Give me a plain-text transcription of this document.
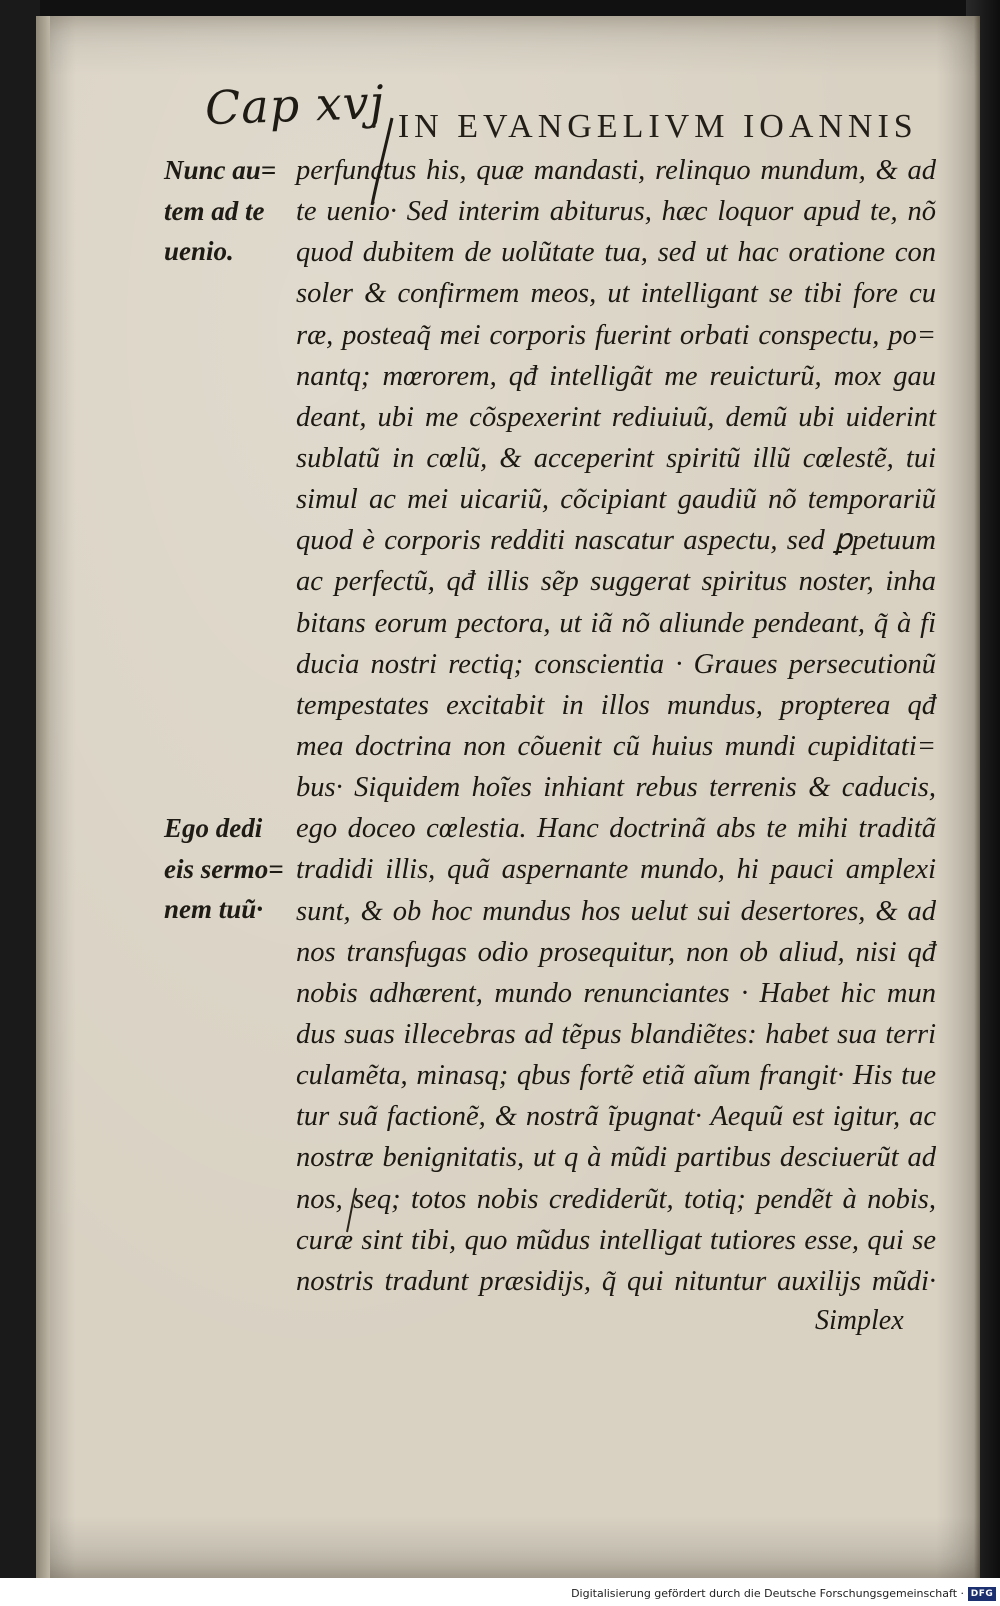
Cap xvj
· IN EVANGELIVM IOANNIS
Nunc au=
tem ad te
uenio.
Ego dedi
eis sermo=
nem tuũ·
perfunctus his, quæ mandasti, relinquo mundum, & ad
te uenio· Sed interim abiturus, hæc loquor apud te, nõ
quod dubitem de uolũtate tua, sed ut hac oratione con
soler & confirmem meos, ut intelligant se tibi fore cu
ræ, posteaq̃ mei corporis fuerint orbati conspectu, po=
nantq; mœrorem, qđ intelligãt me reuicturũ, mox gau
deant, ubi me cõspexerint rediuiuũ, demũ ubi uiderint
sublatũ in cœlũ, & acceperint spiritũ illũ cœlestẽ, tui
simul ac mei uicariũ, cõcipiant gaudiũ nõ temporariũ
quod è corporis redditi nascatur aspectu, sed ꝑpetuum
ac perfectũ, qđ illis sẽp suggerat spiritus noster, inha
bitans eorum pectora, ut iã nõ aliunde pendeant, q̃ à fi
ducia nostri rectiq; conscientia · Graues persecutionũ
tempestates excitabit in illos mundus, propterea qđ
mea doctrina non cõuenit cũ huius mundi cupiditati=
bus· Siquidem hoĩes inhiant rebus terrenis & caducis,
ego doceo cœlestia. Hanc doctrinã abs te mihi traditã
tradidi illis, quã aspernante mundo, hi pauci amplexi
sunt, & ob hoc mundus hos uelut sui desertores, & ad
nos transfugas odio prosequitur, non ob aliud, nisi qđ
nobis adhærent, mundo renunciantes · Habet hic mun
dus suas illecebras ad tẽpus blandiẽtes: habet sua terri
culamẽta, minasq; qbus fortẽ etiã aĩum frangit· His tue
tur suã factionẽ, & nostrã ĩpugnat· Aequũ est igitur, ac
nostræ benignitatis, ut q à mũdi partibus desciuerũt ad
nos, seq; totos nobis crediderũt, totiq; pendẽt à nobis,
curæ sint tibi, quo mũdus intelligat tutiores esse, qui se
nostris tradunt præsidijs, q̃ qui nituntur auxilijs mũdi·
Simplex
Digitalisierung gefördert durch die Deutsche Forschungsgemeinschaft · DFG
